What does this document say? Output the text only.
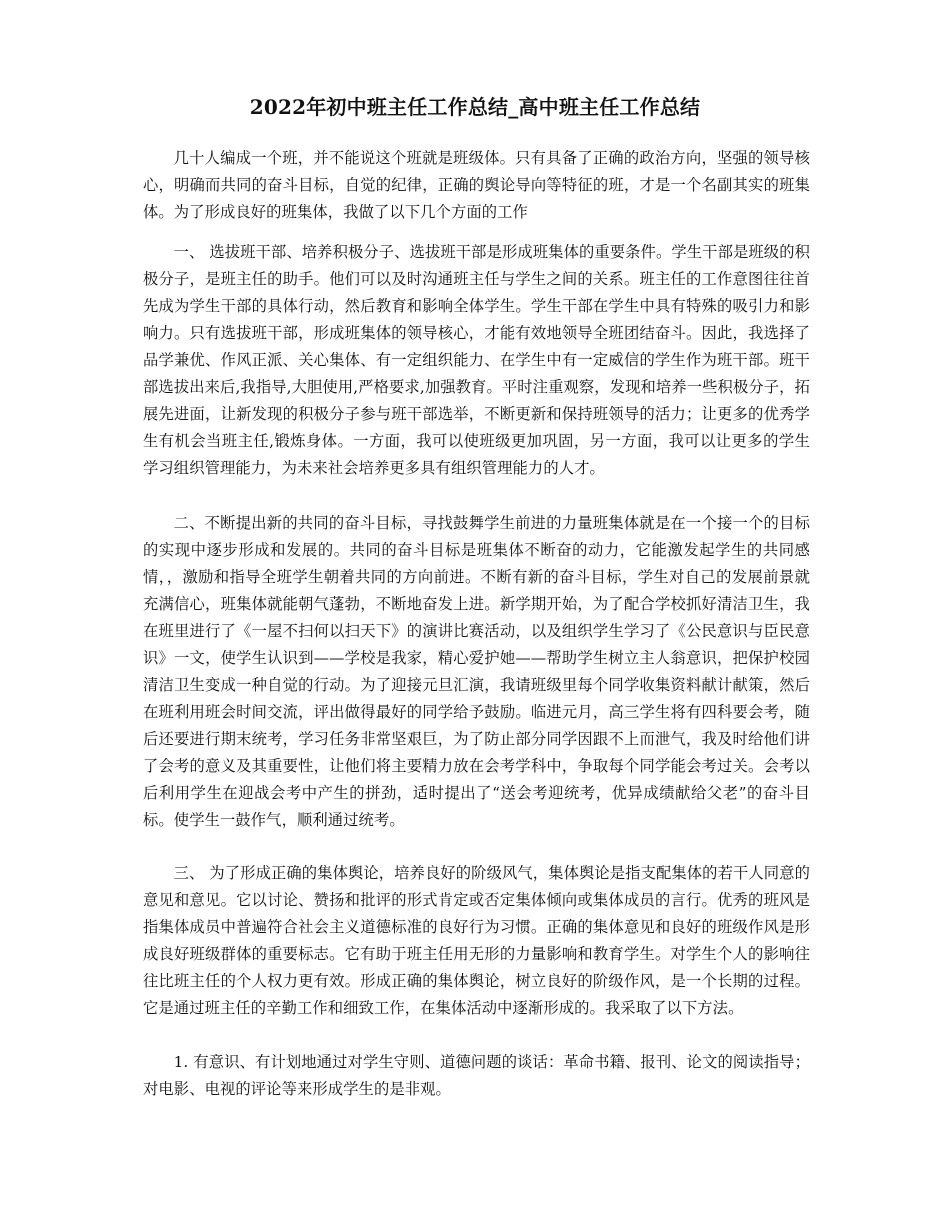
2022年初中班主任工作总结_高中班主任工作总结

几十人编成一个班，并不能说这个班就是班级体。只有具备了正确的政治方向，坚强的领导核心，明确而共同的奋斗目标，自觉的纪律，正确的舆论导向等特征的班，才是一个名副其实的班集体。为了形成良好的班集体，我做了以下几个方面的工作

一、 选拔班干部、培养积极分子、选拔班干部是形成班集体的重要条件。学生干部是班级的积极分子，是班主任的助手。他们可以及时沟通班主任与学生之间的关系。班主任的工作意图往往首先成为学生干部的具体行动，然后教育和影响全体学生。学生干部在学生中具有特殊的吸引力和影响力。只有选拔班干部，形成班集体的领导核心，才能有效地领导全班团结奋斗。因此，我选择了品学兼优、作风正派、关心集体、有一定组织能力、在学生中有一定威信的学生作为班干部。班干部选拔出来后,我指导,大胆使用,严格要求,加强教育。平时注重观察，发现和培养一些积极分子，拓展先进面，让新发现的积极分子参与班干部选举，不断更新和保持班领导的活力；让更多的优秀学生有机会当班主任,锻炼身体。一方面，我可以使班级更加巩固，另一方面，我可以让更多的学生学习组织管理能力，为未来社会培养更多具有组织管理能力的人才。

二、不断提出新的共同的奋斗目标，寻找鼓舞学生前进的力量班集体就是在一个接一个的目标的实现中逐步形成和发展的。共同的奋斗目标是班集体不断奋的动力，它能激发起学生的共同感情，，激励和指导全班学生朝着共同的方向前进。不断有新的奋斗目标，学生对自己的发展前景就充满信心，班集体就能朝气蓬勃，不断地奋发上进。新学期开始，为了配合学校抓好清洁卫生，我在班里进行了《一屋不扫何以扫天下》的演讲比赛活动，以及组织学生学习了《公民意识与臣民意识》一文，使学生认识到——学校是我家，精心爱护她——帮助学生树立主人翁意识，把保护校园清洁卫生变成一种自觉的行动。为了迎接元旦汇演，我请班级里每个同学收集资料献计献策，然后在班利用班会时间交流，评出做得最好的同学给予鼓励。临进元月，高三学生将有四科要会考，随后还要进行期末统考，学习任务非常坚艰巨，为了防止部分同学因跟不上而泄气，我及时给他们讲了会考的意义及其重要性，让他们将主要精力放在会考学科中，争取每个同学能会考过关。会考以后利用学生在迎战会考中产生的拼劲，适时提出了“送会考迎统考，优异成绩献给父老”的奋斗目标。使学生一鼓作气，顺利通过统考。

三、 为了形成正确的集体舆论，培养良好的阶级风气，集体舆论是指支配集体的若干人同意的意见和意见。它以讨论、赞扬和批评的形式肯定或否定集体倾向或集体成员的言行。优秀的班风是指集体成员中普遍符合社会主义道德标准的良好行为习惯。正确的集体意见和良好的班级作风是形成良好班级群体的重要标志。它有助于班主任用无形的力量影响和教育学生。对学生个人的影响往往比班主任的个人权力更有效。形成正确的集体舆论，树立良好的阶级作风，是一个长期的过程。它是通过班主任的辛勤工作和细致工作，在集体活动中逐渐形成的。我采取了以下方法。

1. 有意识、有计划地通过对学生守则、道德问题的谈话：革命书籍、报刊、论文的阅读指导；对电影、电视的评论等来形成学生的是非观。
